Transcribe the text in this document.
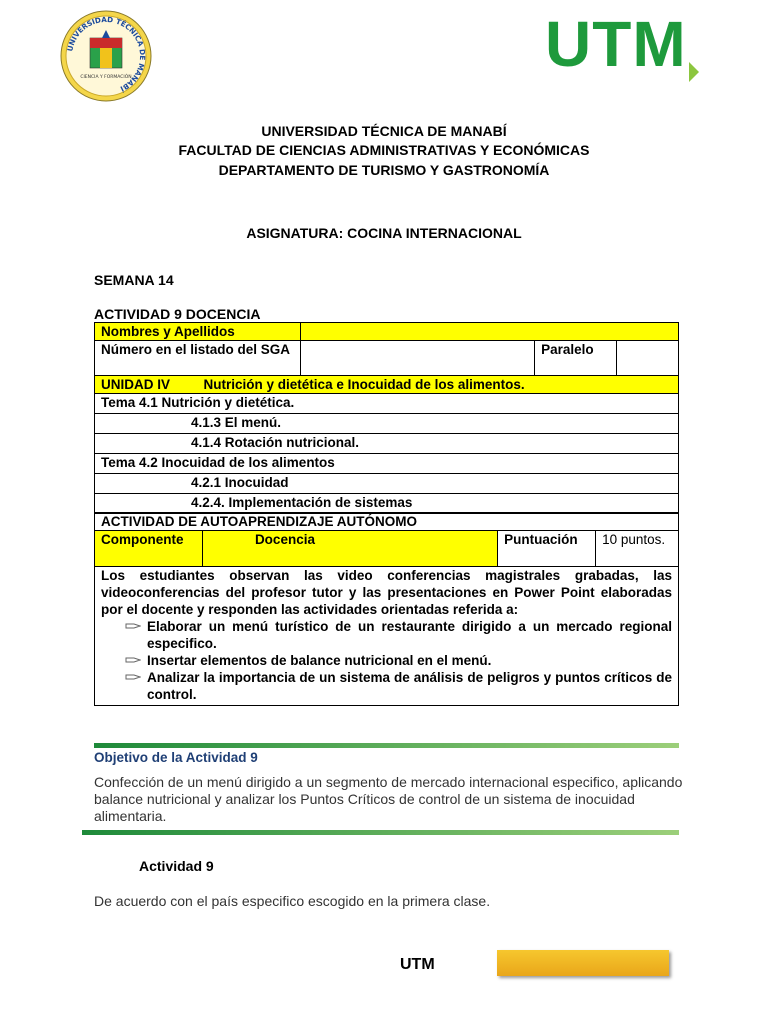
UNIVERSIDAD TÉCNICA DE MANABÍ
CIENCIA Y FORMACIÓN	UTM
UNIVERSIDAD TÉCNICA DE MANABÍ
FACULTAD DE CIENCIAS ADMINISTRATIVAS Y ECONÓMICAS
DEPARTAMENTO DE TURISMO Y GASTRONOMÍA
ASIGNATURA: COCINA INTERNACIONAL
SEMANA 14
ACTIVIDAD 9 DOCENCIA
Nombres y Apellidos			
Número en el listado del SGA		Paralelo	
UNIDAD IV Nutrición y dietética e Inocuidad de los alimentos.
Tema 4.1 Nutrición y dietética.
4.1.3 El menú.
4.1.4 Rotación nutricional.
Tema 4.2 Inocuidad de los alimentos
4.2.1 Inocuidad
4.2.4. Implementación de sistemas
ACTIVIDAD DE AUTOAPRENDIZAJE AUTÓNOMO
Componente	Docencia	Puntuación	10 puntos.

Los estudiantes observan las video conferencias magistrales grabadas, las videoconferencias del profesor tutor y las presentaciones en Power Point elaboradas por el docente y responden las actividades orientadas referida a:
Elaborar un menú turístico de un restaurante dirigido a un mercado regional especifico.
Insertar elementos de balance nutricional en el menú.
Analizar la importancia de un sistema de análisis de peligros y puntos críticos de control.
Objetivo de la Actividad 9
Confección de un menú dirigido a un segmento de mercado internacional especifico, aplicando balance nutricional y analizar los Puntos Críticos de control de un sistema de inocuidad alimentaria.
Actividad 9
De acuerdo con el país especifico escogido en la primera clase.
UTM
